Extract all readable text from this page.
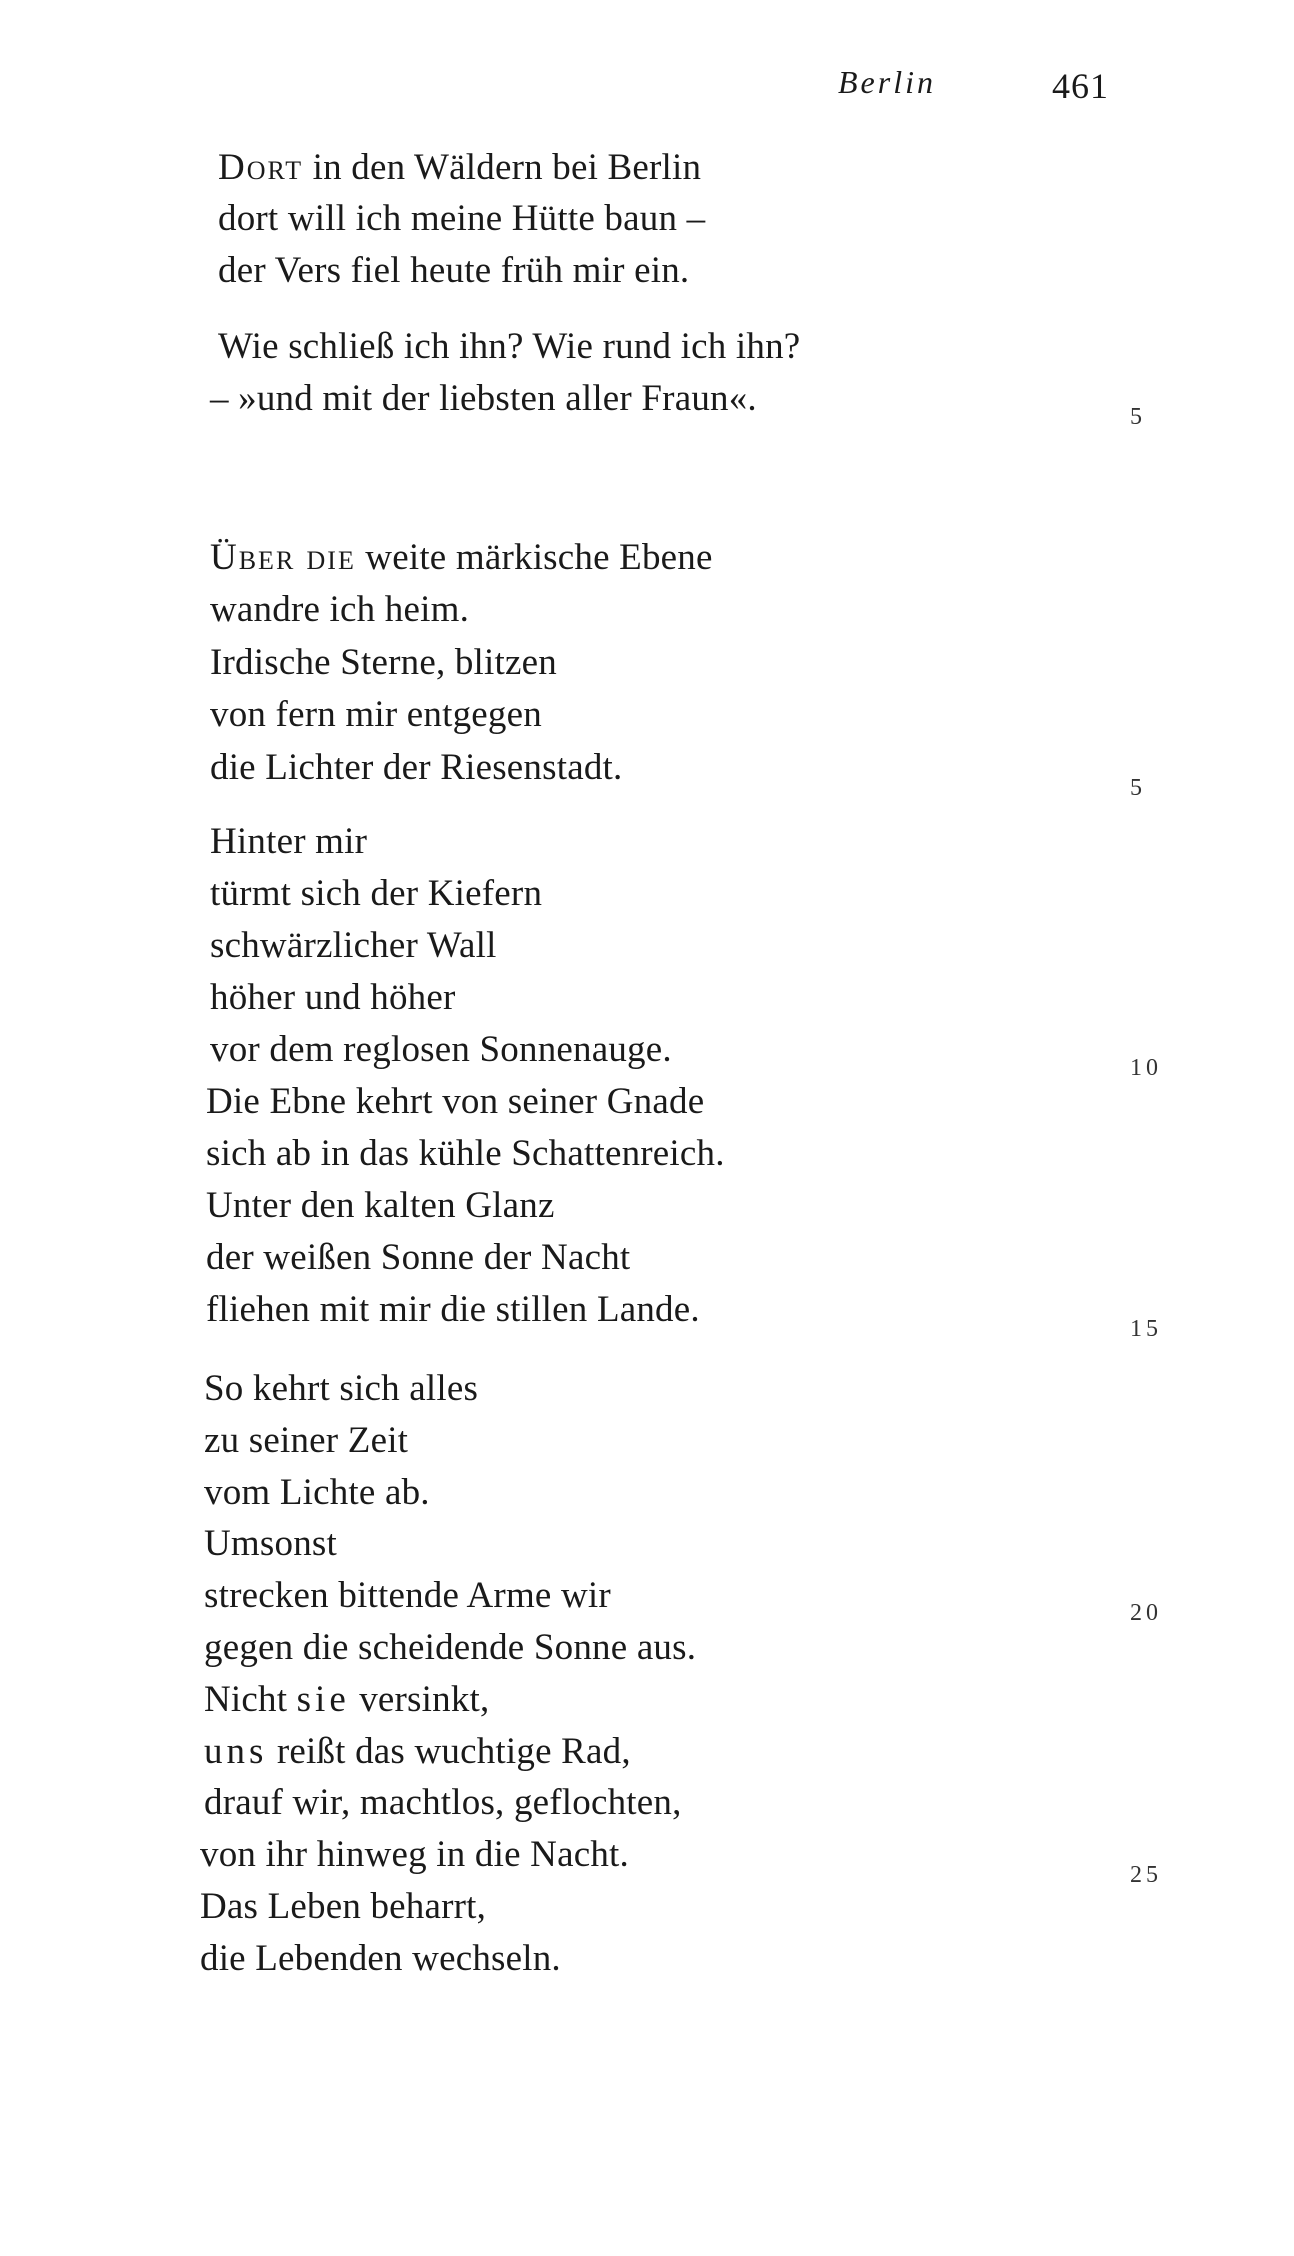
Berlin	461
Dort in den Wäldern bei Berlin
dort will ich meine Hütte baun –
der Vers fiel heute früh mir ein.
Wie schließ ich ihn? Wie rund ich ihn?
– »und mit der liebsten aller Fraun«.	5
Über die weite märkische Ebene
wandre ich heim.
Irdische Sterne, blitzen
von fern mir entgegen
die Lichter der Riesenstadt.	5
Hinter mir
türmt sich der Kiefern
schwärzlicher Wall
höher und höher
vor dem reglosen Sonnenauge.	10
Die Ebne kehrt von seiner Gnade
sich ab in das kühle Schattenreich.
Unter den kalten Glanz
der weißen Sonne der Nacht
fliehen mit mir die stillen Lande.	15
So kehrt sich alles
zu seiner Zeit
vom Lichte ab.
Umsonst
strecken bittende Arme wir	20
gegen die scheidende Sonne aus.
Nicht sie versinkt,
uns reißt das wuchtige Rad,
drauf wir, machtlos, geflochten,
von ihr hinweg in die Nacht.	25
Das Leben beharrt,
die Lebenden wechseln.
